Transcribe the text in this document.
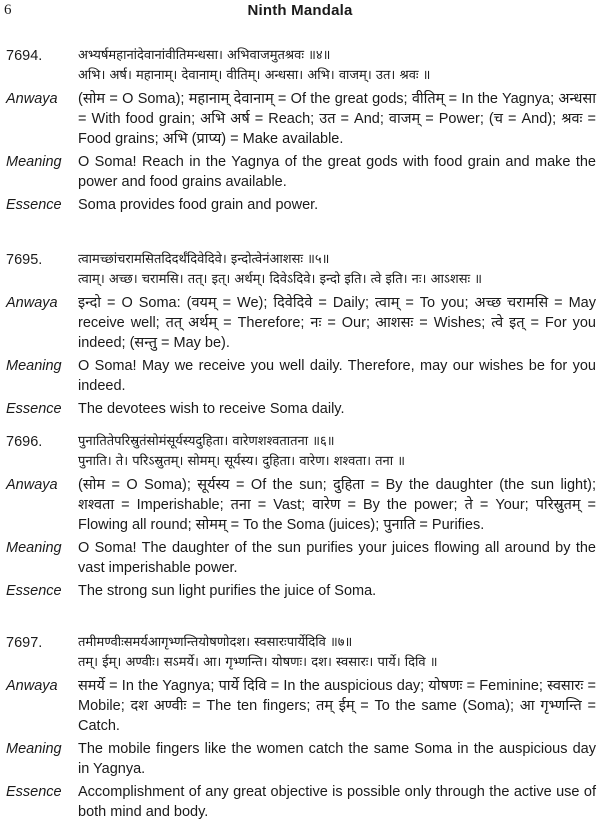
6	Ninth Mandala
7694.	अभ्यर्षमहानांदेवानांवीतिमन्धसा। अभिवाजमुतश्रवः ॥४॥
अभि। अर्ष। महानाम्। देवानाम्। वीतिम्। अन्धसा। अभि। वाजम्। उत। श्रवः ॥
Anwaya (सोम = O Soma); महानाम् देवानाम् = Of the great gods; वीतिम् = In the Yagnya; अन्धसा = With food grain; अभि अर्ष = Reach; उत = And; वाजम् = Power; (च = And); श्रवः = Food grains; अभि (प्राप्य) = Make available.
Meaning O Soma! Reach in the Yagnya of the great gods with food grain and make the power and food grains available.
Essence Soma provides food grain and power.
7695.	त्वामच्छांचरामसितदिदर्थंदिवेदिवे। इन्दोत्वेनंआशसः ॥५॥
त्वाम्। अच्छ। चरामसि। तत्। इत्। अर्थम्। दिवेऽदिवे। इन्दो इति। त्वे इति। नः। आऽशसः ॥
Anwaya इन्दो = O Soma: (वयम् = We); दिवेदिवे = Daily; त्वाम् = To you; अच्छ चरामसि = May receive well; तत् अर्थम् = Therefore; नः = Our; आशसः = Wishes; त्वे इत् = For you indeed; (सन्तु = May be).
Meaning O Soma! May we receive you well daily. Therefore, may our wishes be for you indeed.
Essence The devotees wish to receive Soma daily.
7696.	पुनातितेपरिस्रुतंसोमंसूर्यस्यदुहिता। वारेणशश्वतातना ॥६॥
पुनाति। ते। परिऽस्रुतम्। सोमम्। सूर्यस्य। दुहिता। वारेण। शश्वता। तना ॥
Anwaya (सोम = O Soma); सूर्यस्य = Of the sun; दुहिता = By the daughter (the sun light); शश्वता = Imperishable; तना = Vast; वारेण = By the power; ते = Your; परिस्रुतम् = Flowing all round; सोमम् = To the Soma (juices); पुनाति = Purifies.
Meaning O Soma! The daughter of the sun purifies your juices flowing all around by the vast imperishable power.
Essence The strong sun light purifies the juice of Soma.
7697.	तमीमण्वीःसमर्यआगृभ्णन्तियोषणोदश। स्वसारःपार्येदिवि ॥७॥
तम्। ईम्। अण्वीः। सऽमर्ये। आ। गृभ्णन्ति। योषणः। दश। स्वसारः। पार्ये। दिवि ॥
Anwaya समर्ये = In the Yagnya; पार्ये दिवि = In the auspicious day; योषणः = Feminine; स्वसारः = Mobile; दश अण्वीः = The ten fingers; तम् ईम् = To the same (Soma); आ गृभ्णन्ति = Catch.
Meaning The mobile fingers like the women catch the same Soma in the auspicious day in Yagnya.
Essence Accomplishment of any great objective is possible only through the active use of both mind and body.
